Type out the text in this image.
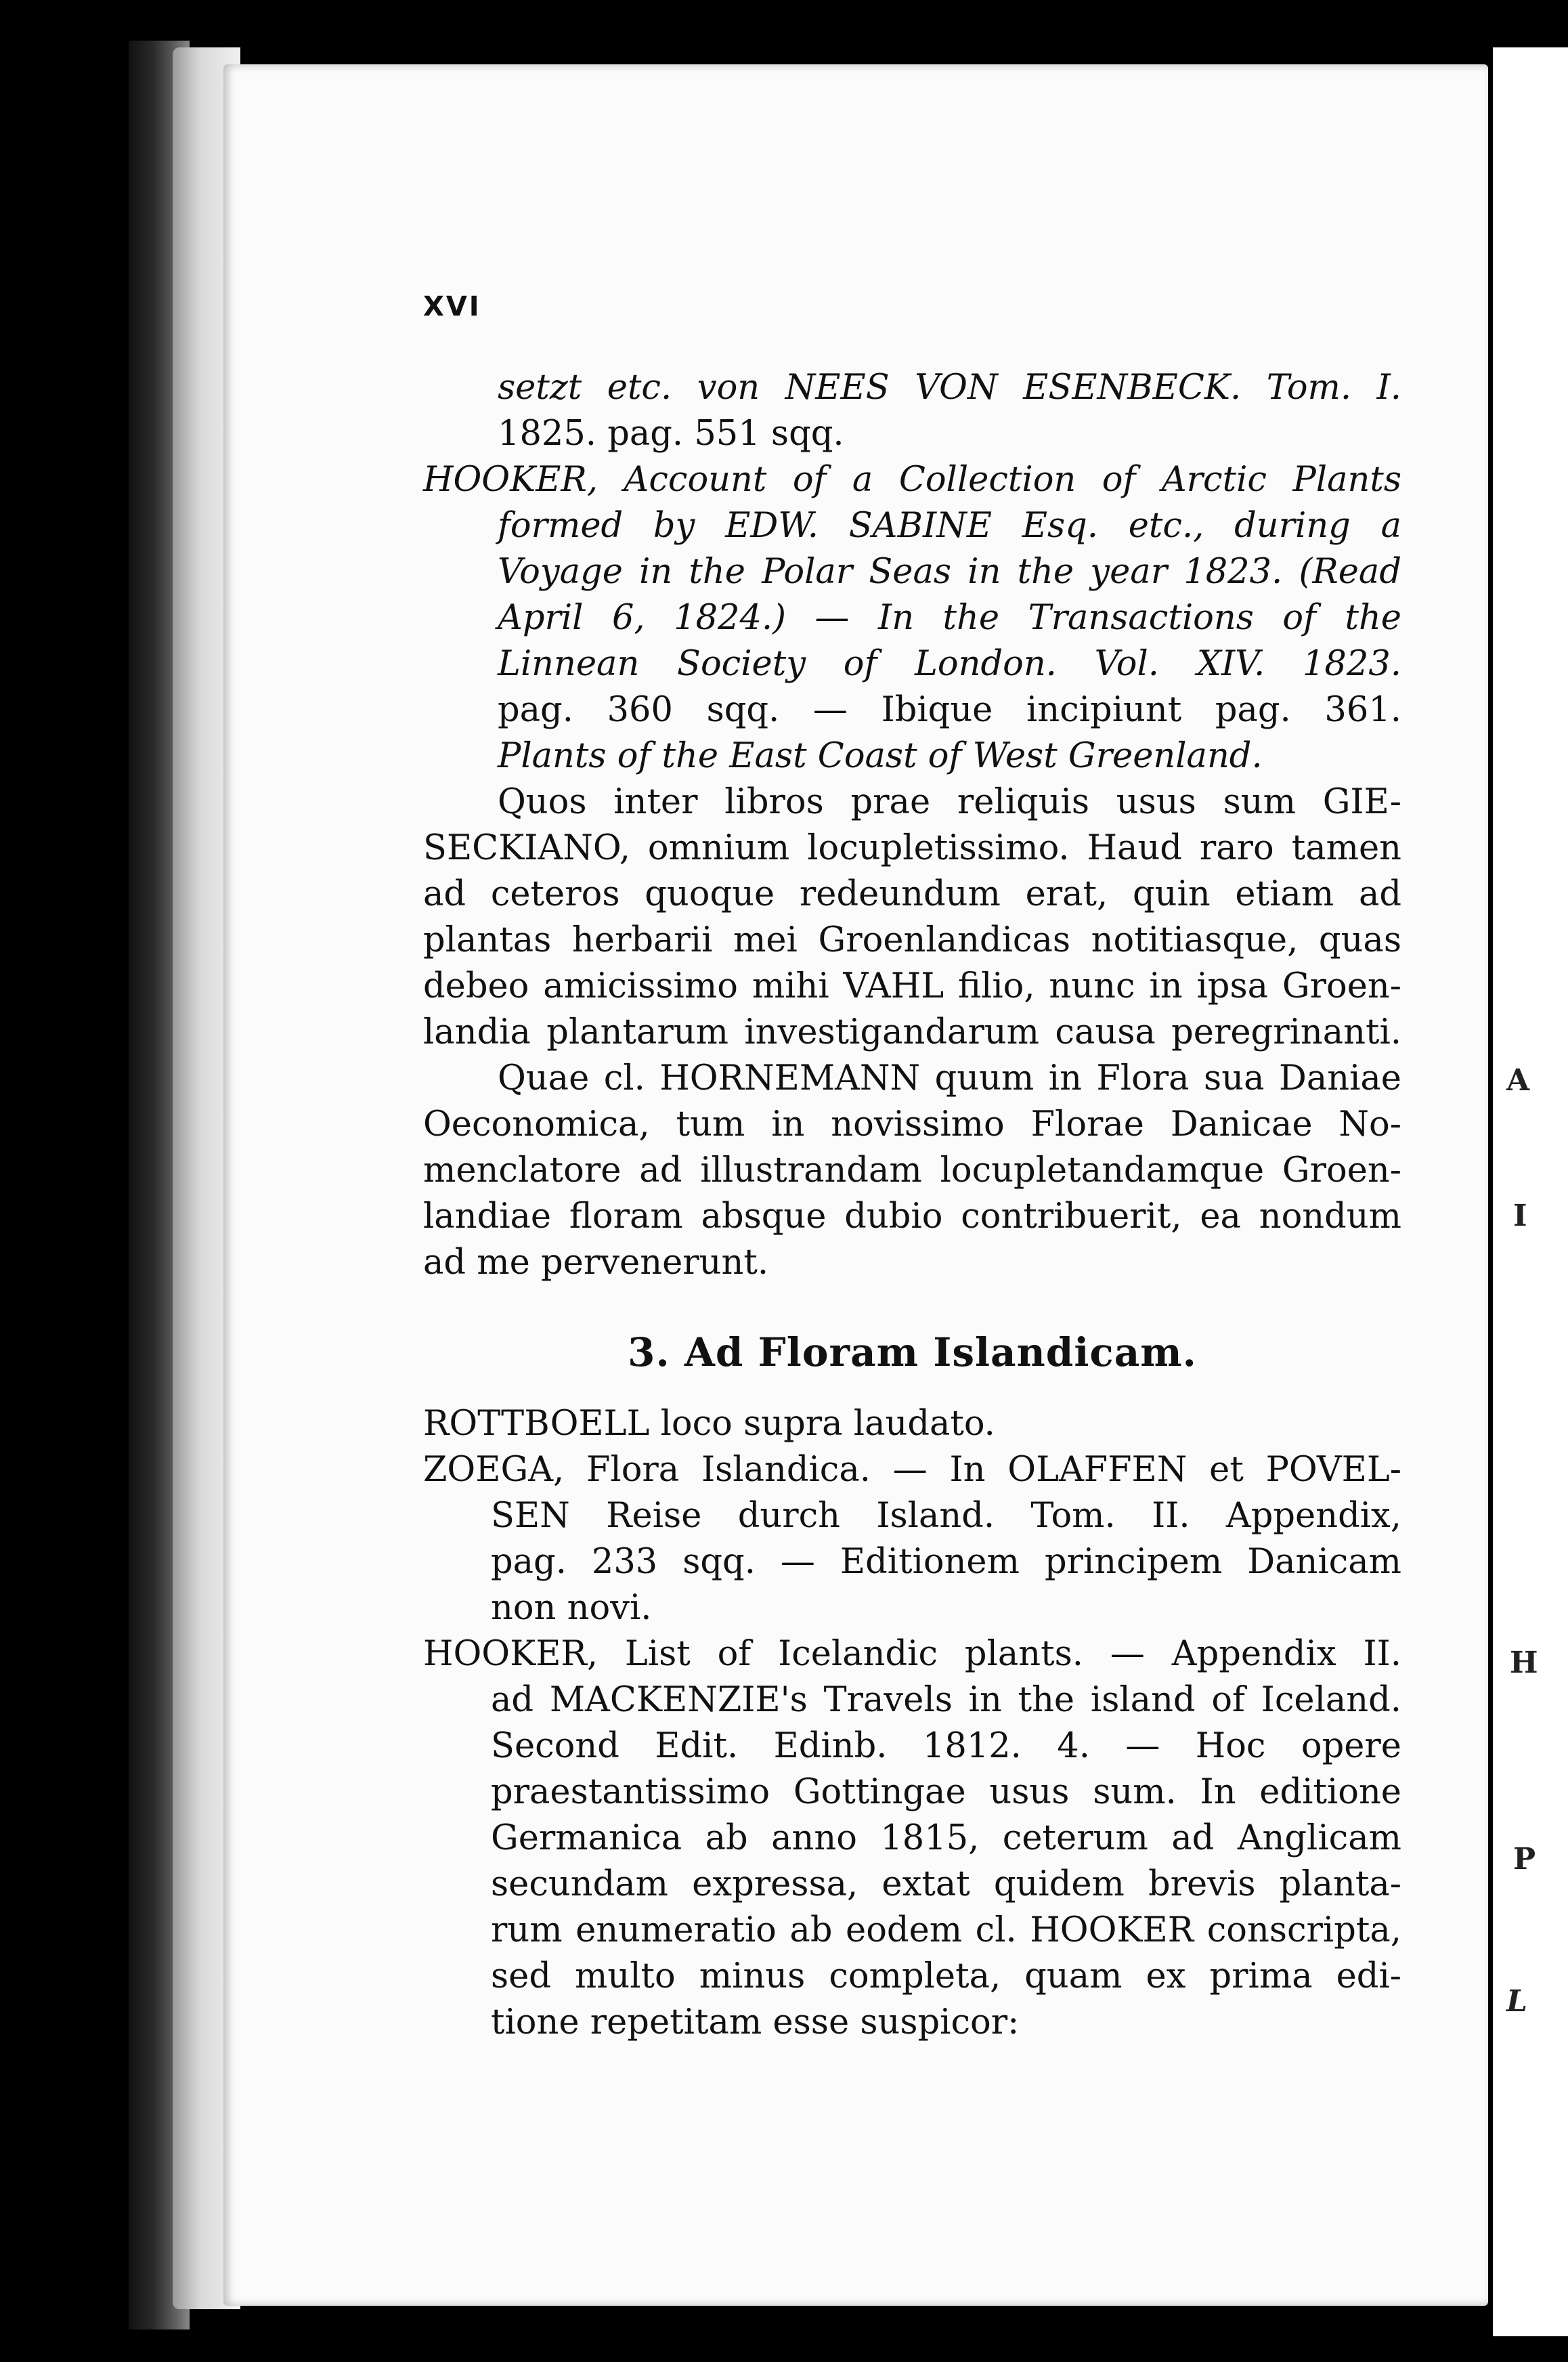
A
I
H
P
L
XVI
setzt etc. von NEES VON ESENBECK. Tom. I.
1825. pag. 551 sqq.
HOOKER, Account of a Collection of Arctic Plants
formed by EDW. SABINE Esq. etc., during a
Voyage in the Polar Seas in the year 1823. (Read
April 6, 1824.) — In the Transactions of the
Linnean Society of London. Vol. XIV. 1823.
pag. 360 sqq. — Ibique incipiunt pag. 361.
Plants of the East Coast of West Greenland.
Quos inter libros prae reliquis usus sum GIE-
SECKIANO, omnium locupletissimo. Haud raro tamen
ad ceteros quoque redeundum erat, quin etiam ad
plantas herbarii mei Groenlandicas notitiasque, quas
debeo amicissimo mihi VAHL filio, nunc in ipsa Groen-
landia plantarum investigandarum causa peregrinanti.
Quae cl. HORNEMANN quum in Flora sua Daniae
Oeconomica, tum in novissimo Florae Danicae No-
menclatore ad illustrandam locupletandamque Groen-
landiae floram absque dubio contribuerit, ea nondum
ad me pervenerunt.
3. Ad Floram Islandicam.
ROTTBOELL loco supra laudato.
ZOEGA, Flora Islandica. — In OLAFFEN et POVEL-
SEN Reise durch Island. Tom. II. Appendix,
pag. 233 sqq. — Editionem principem Danicam
non novi.
HOOKER, List of Icelandic plants. — Appendix II.
ad MACKENZIE's Travels in the island of Iceland.
Second Edit. Edinb. 1812. 4. — Hoc opere
praestantissimo Gottingae usus sum. In editione
Germanica ab anno 1815, ceterum ad Anglicam
secundam expressa, extat quidem brevis planta-
rum enumeratio ab eodem cl. HOOKER conscripta,
sed multo minus completa, quam ex prima edi-
tione repetitam esse suspicor:
